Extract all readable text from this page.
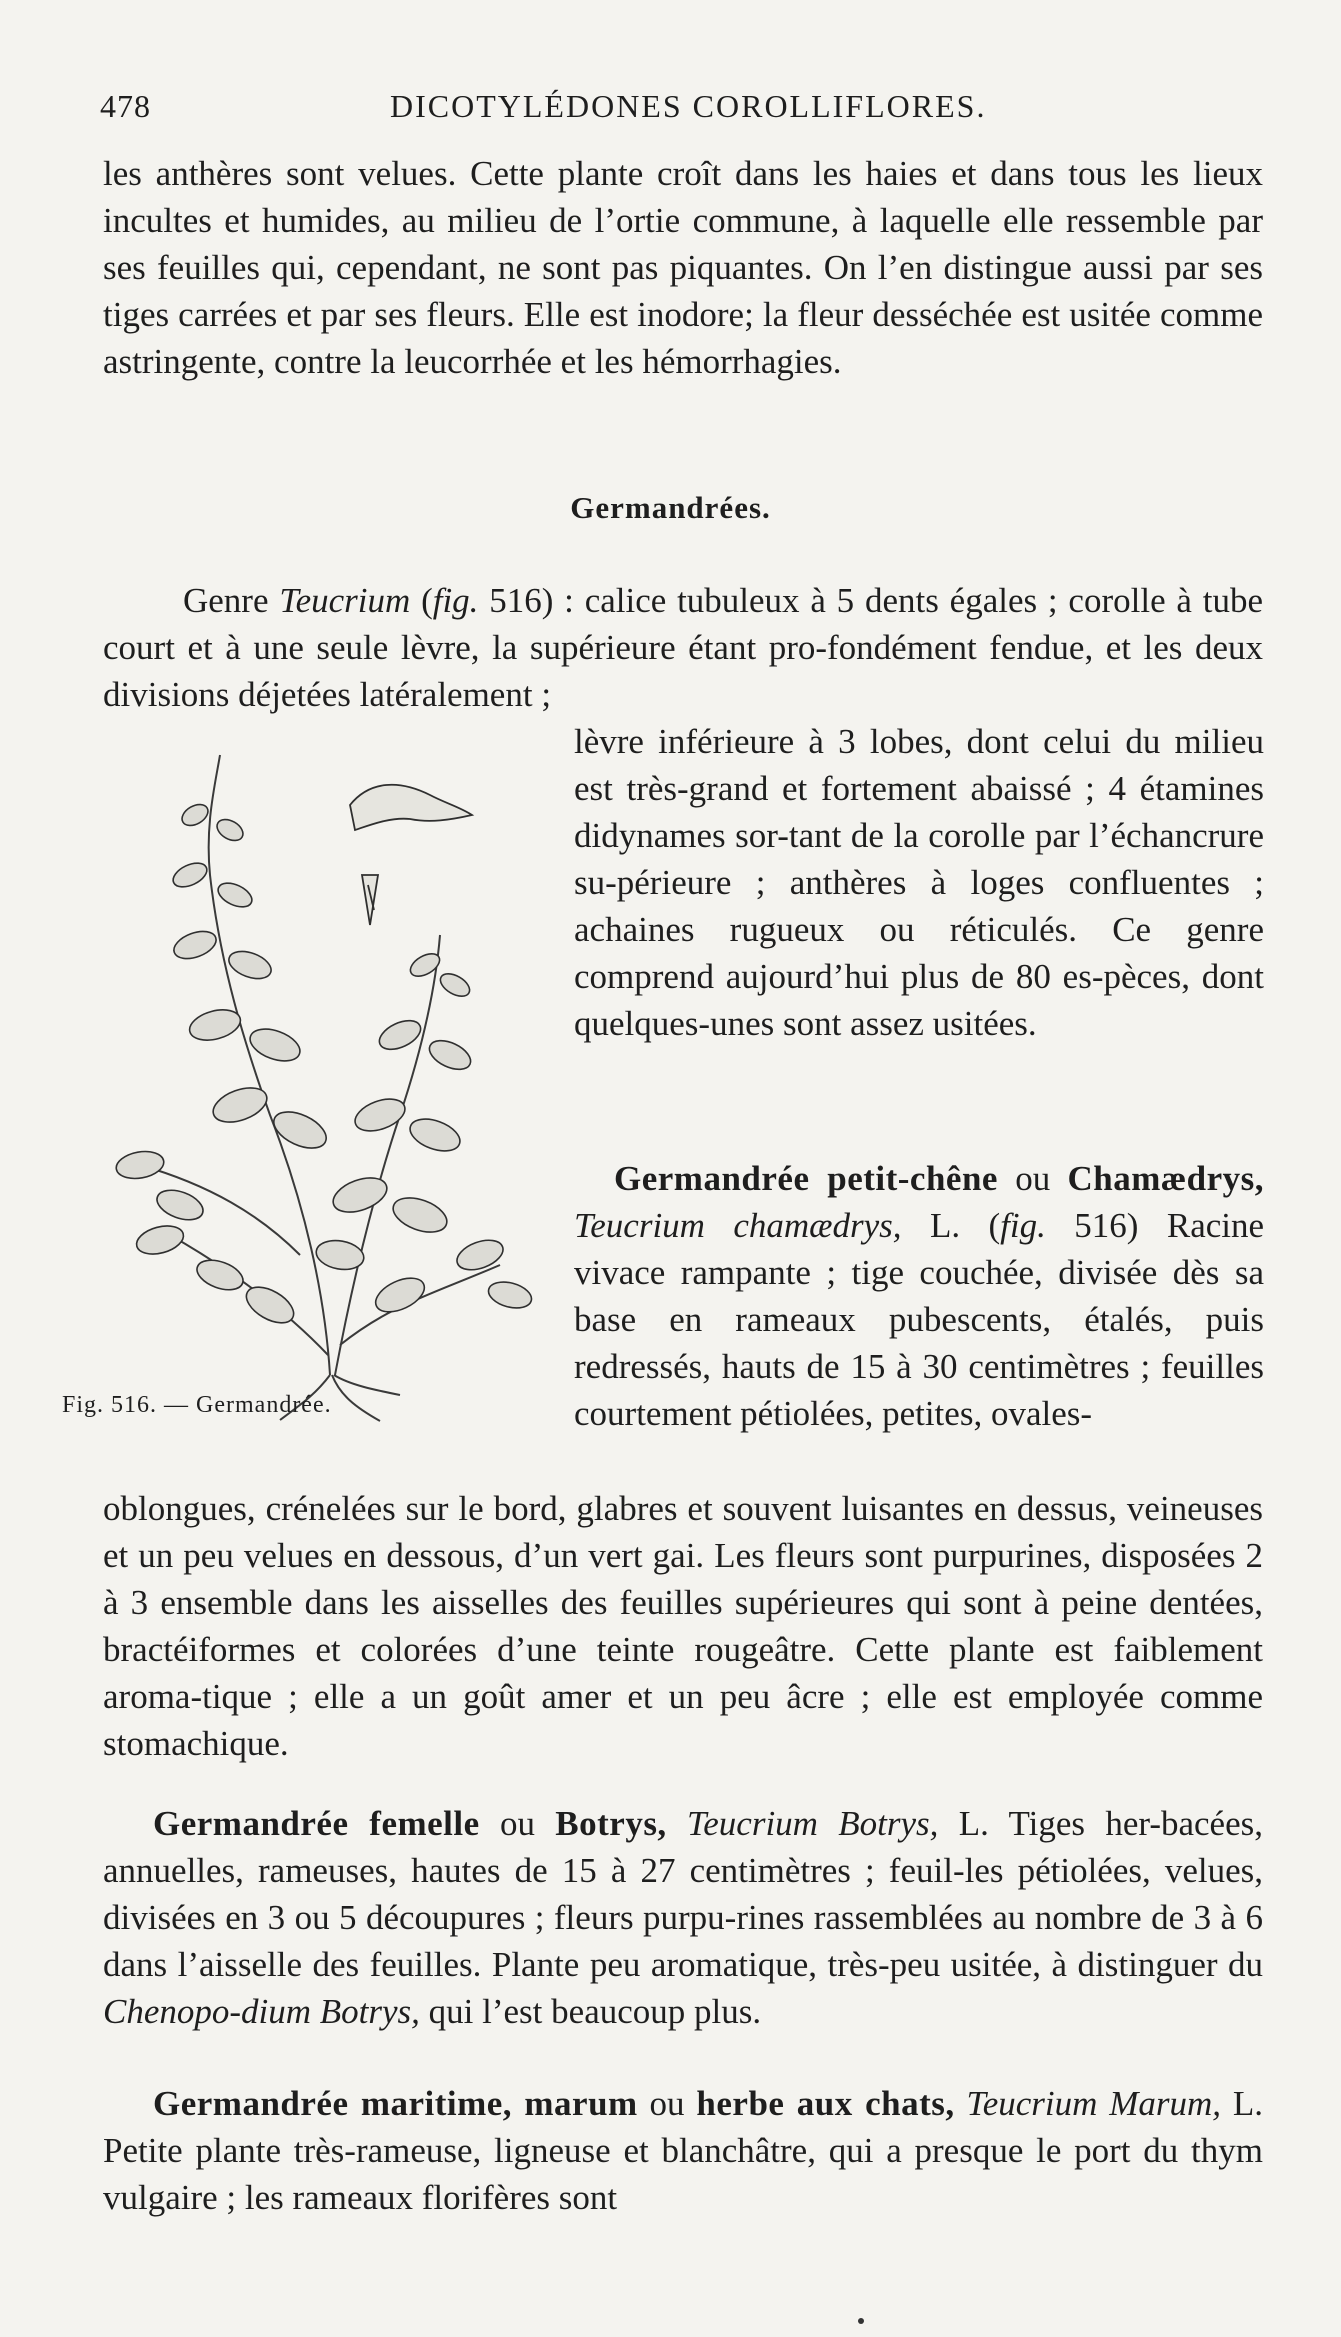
478	DICOTYLÉDONES COROLLIFLORES.
les anthères sont velues. Cette plante croît dans les haies et dans tous les lieux incultes et humides, au milieu de l’ortie commune, à laquelle elle ressemble par ses feuilles qui, cependant, ne sont pas piquantes. On l’en distingue aussi par ses tiges carrées et par ses fleurs. Elle est inodore; la fleur desséchée est usitée comme astringente, contre la leucorrhée et les hémorrhagies.
Germandrées.
Genre Teucrium (fig. 516) : calice tubuleux à 5 dents égales ; corolle à tube court et à une seule lèvre, la supérieure étant pro-fondément fendue, et les deux divisions déjetées latéralement ;
Fig. 516. — Germandrée.
lèvre inférieure à 3 lobes, dont celui du milieu est très-grand et fortement abaissé ; 4 étamines didynames sor-tant de la corolle par l’échancrure su-périeure ; anthères à loges confluentes ; achaines rugueux ou réticulés. Ce genre comprend aujourd’hui plus de 80 es-pèces, dont quelques-unes sont assez usitées.
Germandrée petit-chêne ou Chamædrys, Teucrium chamædrys, L. (fig. 516) Racine vivace rampante ; tige couchée, divisée dès sa base en rameaux pubescents, étalés, puis redressés, hauts de 15 à 30 centimètres ; feuilles courtement pétiolées, petites, ovales-
oblongues, crénelées sur le bord, glabres et souvent luisantes en dessus, veineuses et un peu velues en dessous, d’un vert gai. Les fleurs sont purpurines, disposées 2 à 3 ensemble dans les aisselles des feuilles supérieures qui sont à peine dentées, bractéiformes et colorées d’une teinte rougeâtre. Cette plante est faiblement aroma-tique ; elle a un goût amer et un peu âcre ; elle est employée comme stomachique.
Germandrée femelle ou Botrys, Teucrium Botrys, L. Tiges her-bacées, annuelles, rameuses, hautes de 15 à 27 centimètres ; feuil-les pétiolées, velues, divisées en 3 ou 5 découpures ; fleurs purpu-rines rassemblées au nombre de 3 à 6 dans l’aisselle des feuilles. Plante peu aromatique, très-peu usitée, à distinguer du Chenopo-dium Botrys, qui l’est beaucoup plus.
Germandrée maritime, marum ou herbe aux chats, Teucrium Marum, L. Petite plante très-rameuse, ligneuse et blanchâtre, qui a presque le port du thym vulgaire ; les rameaux florifères sont
